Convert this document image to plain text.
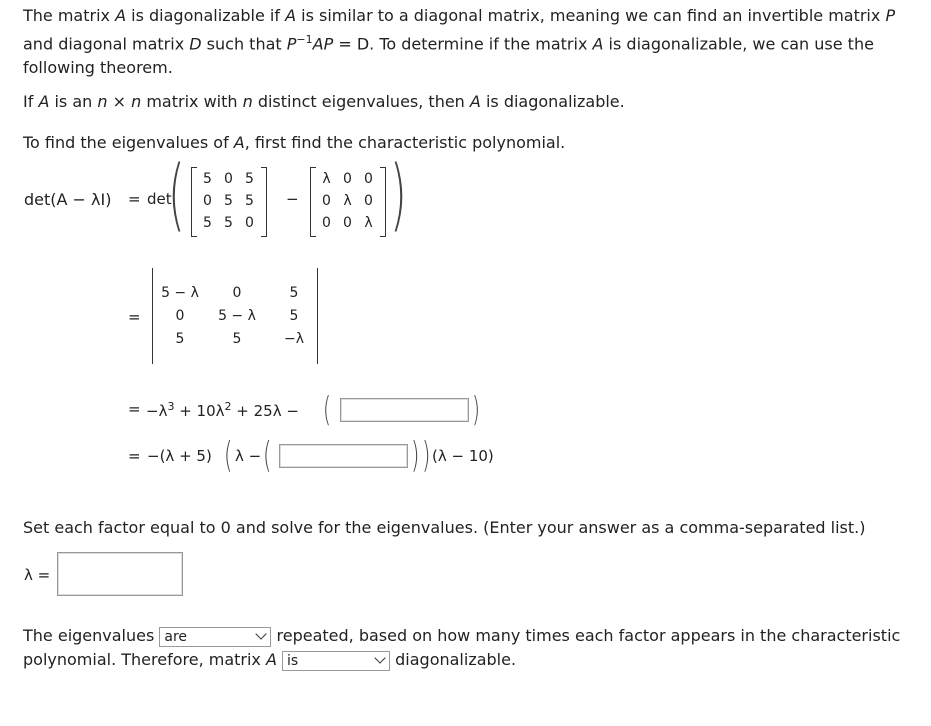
The matrix A is diagonalizable if A is similar to a diagonal matrix, meaning we can find an invertible matrix P
and diagonal matrix D such that $P^{-1}AP = D$. To determine if the matrix A is diagonalizable, we can use the
following theorem.
If A is an n × n matrix with n distinct eigenvalues, then A is diagonalizable.
To find the eigenvalues of A, first find the characteristic polynomial.
det(A − λI) = det
(	)
5 0 5
0 5 5
5 5 0
−
λ 0 0
0 λ 0
0 0 λ
=
5 − λ	0	5
0	5 − λ	5
5	5	−λ
= $-\lambda^3 + 10\lambda^2 + 25\lambda$ − (	)
= −(λ + 5) ( λ − (	) ) (λ − 10)
Set each factor equal to 0 and solve for the eigenvalues. (Enter your answer as a comma-separated list.)
λ =
The eigenvalues are	repeated, based on how many times each factor appears in the characteristic
polynomial. Therefore, matrix A is	diagonalizable.
